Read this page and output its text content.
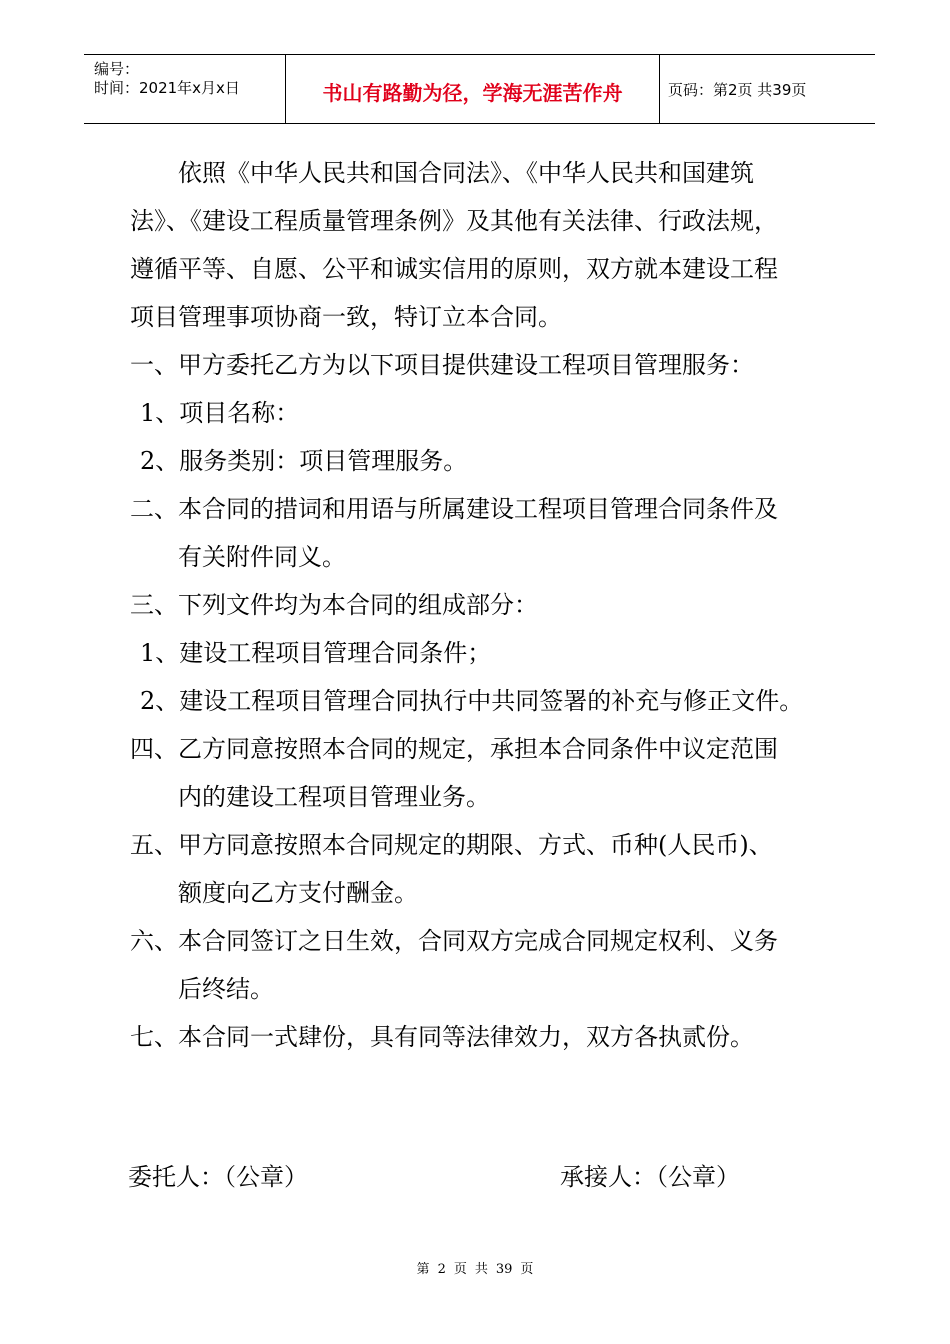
编号：
时间：2021年x月x日	书山有路勤为径，学海无涯苦作舟	页码：第2页 共39页
依照《中华人民共和国合同法》、《中华人民共和国建筑
法》、《建设工程质量管理条例》及其他有关法律、行政法规，
遵循平等、自愿、公平和诚实信用的原则，双方就本建设工程
项目管理事项协商一致，特订立本合同。
一、甲方委托乙方为以下项目提供建设工程项目管理服务：
1、项目名称：
2、服务类别：项目管理服务。
二、本合同的措词和用语与所属建设工程项目管理合同条件及
有关附件同义。
三、下列文件均为本合同的组成部分：
1、建设工程项目管理合同条件；
2、建设工程项目管理合同执行中共同签署的补充与修正文件。
四、乙方同意按照本合同的规定，承担本合同条件中议定范围
内的建设工程项目管理业务。
五、甲方同意按照本合同规定的期限、方式、币种(人民币)、
额度向乙方支付酬金。
六、本合同签订之日生效，合同双方完成合同规定权利、义务
后终结。
七、本合同一式肆份，具有同等法律效力，双方各执贰份。
委托人：（公章）	承接人：（公章）
第 2 页 共 39 页
